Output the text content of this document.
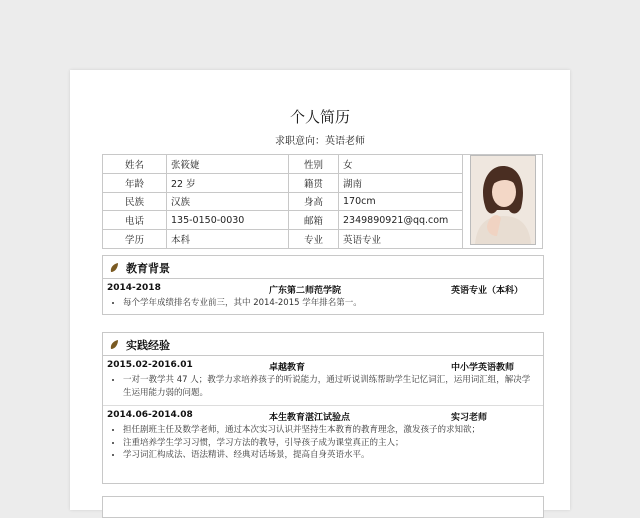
个人简历
求职意向：英语老师
姓名	张筱婕	性别	女	
年龄	22 岁	籍贯	湖南	
民族	汉族	身高	170cm	
电话	135-0150-0030	邮箱	2349890921@qq.com	
学历	本科	专业	英语专业	
教育背景
2014-2018	广东第二师范学院	英语专业（本科）
• 每个学年成绩排名专业前三，其中 2014-2015 学年排名第一。
实践经验
2015.02-2016.01	卓越教育	中小学英语教师
• 一对一教学共 47 人；教学力求培养孩子的听说能力，通过听说训练帮助学生记忆词汇，运用词汇组，解决学生运用能力弱的问题。
2014.06-2014.08	本生教育湛江试验点	实习老师
• 担任剧班主任及数学老师，通过本次实习认识并坚持生本教育的教育理念，激发孩子的求知欲；
• 注重培养学生学习习惯，学习方法的教导，引导孩子成为课堂真正的主人；
• 学习词汇构成法、语法精讲、经典对话场景，提高自身英语水平。
